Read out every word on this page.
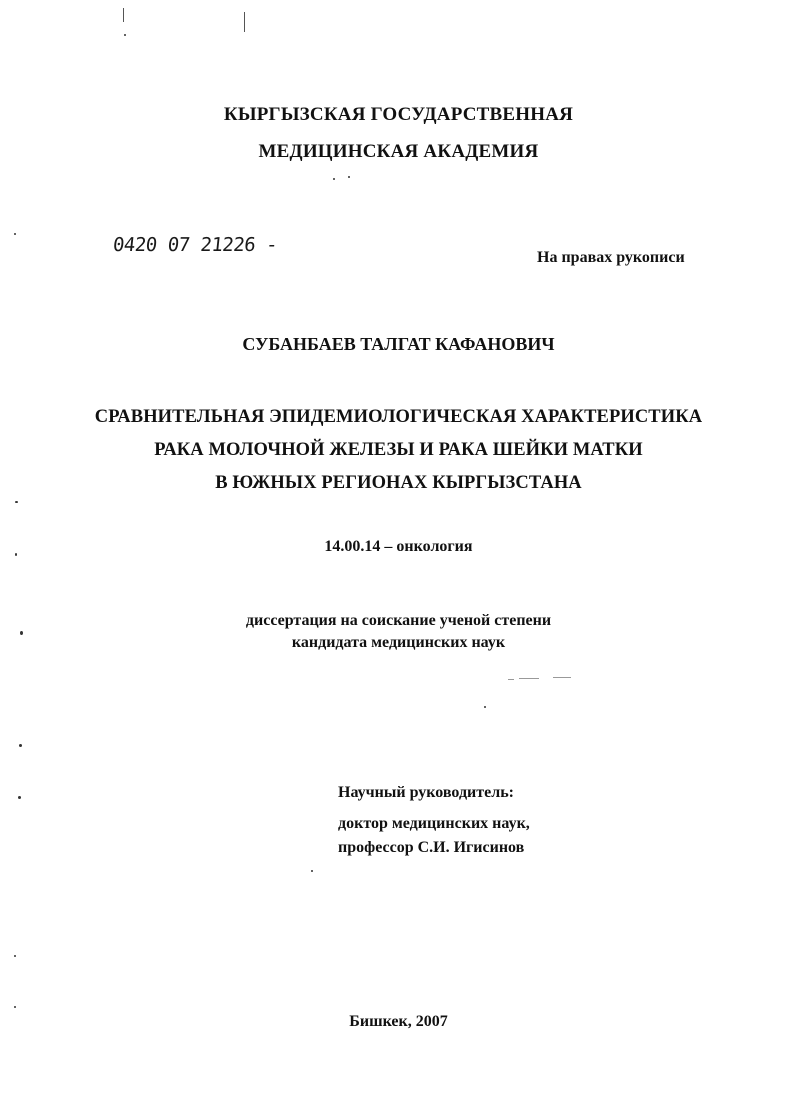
КЫРГЫЗСКАЯ ГОСУДАРСТВЕННАЯ
МЕДИЦИНСКАЯ АКАДЕМИЯ
0420 07 21226 -
На правах рукописи
СУБАНБАЕВ ТАЛГАТ КАФАНОВИЧ
СРАВНИТЕЛЬНАЯ ЭПИДЕМИОЛОГИЧЕСКАЯ ХАРАКТЕРИСТИКА
РАКА МОЛОЧНОЙ ЖЕЛЕЗЫ И РАКА ШЕЙКИ МАТКИ
В ЮЖНЫХ РЕГИОНАХ КЫРГЫЗСТАНА
14.00.14 – онкология
диссертация на соискание ученой степени
кандидата медицинских наук
Научный руководитель:
доктор медицинских наук,
профессор С.И. Игисинов
Бишкек, 2007
